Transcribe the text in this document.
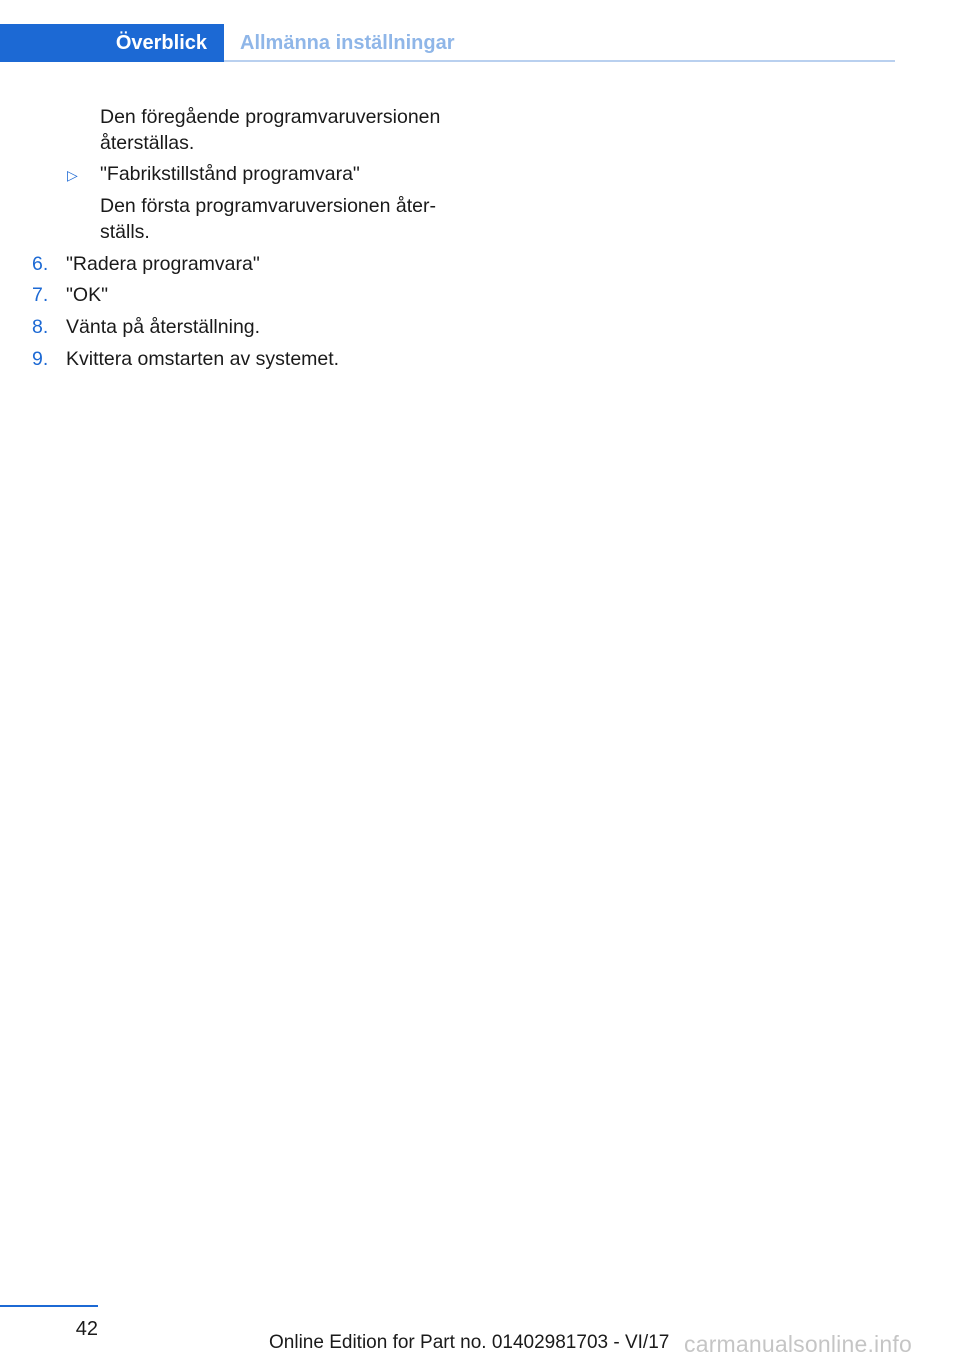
Överblick	Allmänna inställningar
Den föregående programvaruversionen
återställas.
▷ "Fabrikstillstånd programvara"
Den första programvaruversionen åter-
ställs.
6. "Radera programvara"
7. "OK"
8. Vänta på återställning.
9. Kvittera omstarten av systemet.
42
Online Edition for Part no. 01402981703 - VI/17 carmanualsonline.info
